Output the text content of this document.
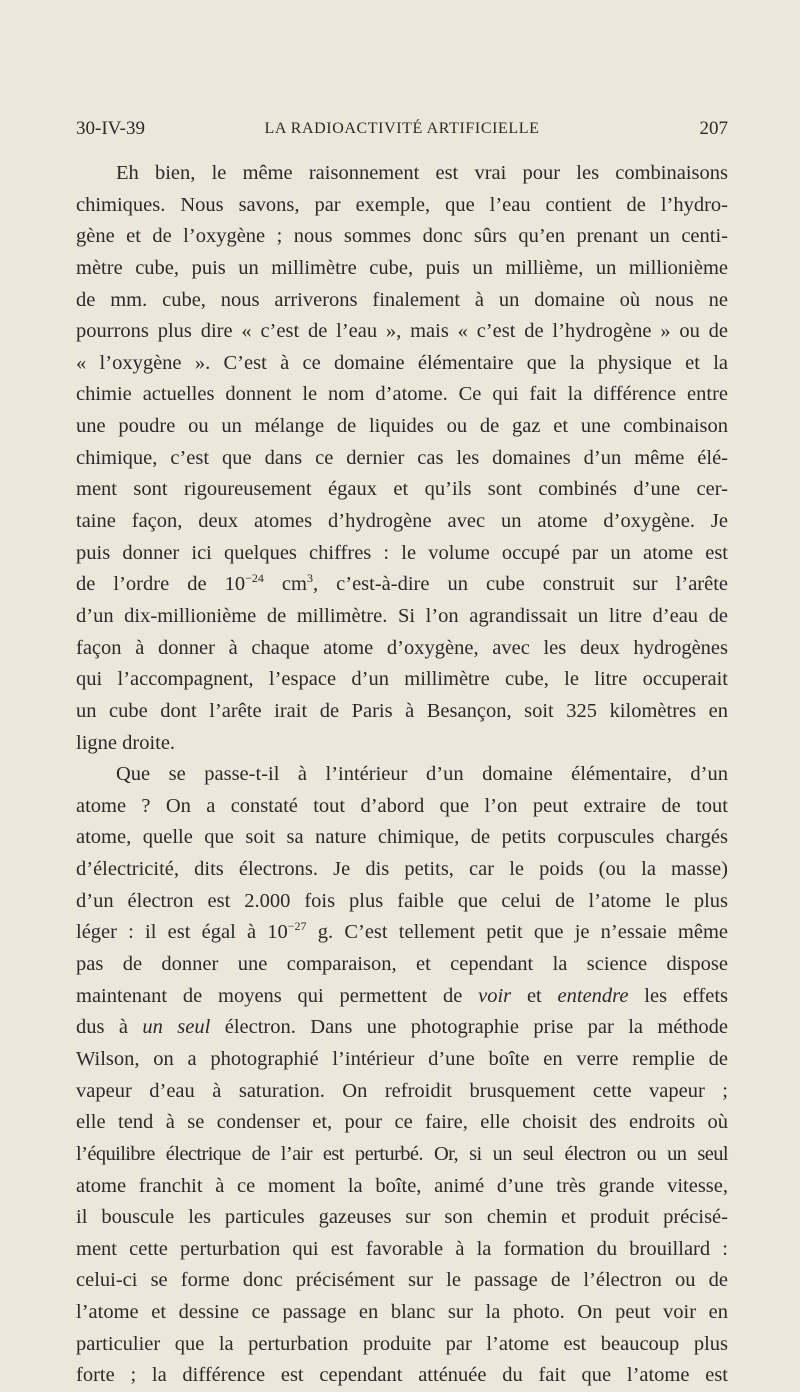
30-IV-39	LA RADIOACTIVITÉ ARTIFICIELLE	207
Eh bien, le même raisonnement est vrai pour les combinaisons
chimiques. Nous savons, par exemple, que l’eau contient de l’hydro-
gène et de l’oxygène ; nous sommes donc sûrs qu’en prenant un centi-
mètre cube, puis un millimètre cube, puis un millième, un millionième
de mm. cube, nous arriverons finalement à un domaine où nous ne
pourrons plus dire « c’est de l’eau », mais « c’est de l’hydrogène » ou de
« l’oxygène ». C’est à ce domaine élémentaire que la physique et la
chimie actuelles donnent le nom d’atome. Ce qui fait la différence entre
une poudre ou un mélange de liquides ou de gaz et une combinaison
chimique, c’est que dans ce dernier cas les domaines d’un même élé-
ment sont rigoureusement égaux et qu’ils sont combinés d’une cer-
taine façon, deux atomes d’hydrogène avec un atome d’oxygène. Je
puis donner ici quelques chiffres : le volume occupé par un atome est
de l’ordre de $10^{-24}$ $cm^3$, c’est-à-dire un cube construit sur l’arête
d’un dix-millionième de millimètre. Si l’on agrandissait un litre d’eau de
façon à donner à chaque atome d’oxygène, avec les deux hydrogènes
qui l’accompagnent, l’espace d’un millimètre cube, le litre occuperait
un cube dont l’arête irait de Paris à Besançon, soit 325 kilomètres en
ligne droite.
Que se passe-t-il à l’intérieur d’un domaine élémentaire, d’un
atome ? On a constaté tout d’abord que l’on peut extraire de tout
atome, quelle que soit sa nature chimique, de petits corpuscules chargés
d’électricité, dits électrons. Je dis petits, car le poids (ou la masse)
d’un électron est 2.000 fois plus faible que celui de l’atome le plus
léger : il est égal à $10^{-27}$ g. C’est tellement petit que je n’essaie même
pas de donner une comparaison, et cependant la science dispose
maintenant de moyens qui permettent de voir et entendre les effets
dus à un seul électron. Dans une photographie prise par la méthode
Wilson, on a photographié l’intérieur d’une boîte en verre remplie de
vapeur d’eau à saturation. On refroidit brusquement cette vapeur ;
elle tend à se condenser et, pour ce faire, elle choisit des endroits où
l’équilibre électrique de l’air est perturbé. Or, si un seul électron ou un seul
atome franchit à ce moment la boîte, animé d’une très grande vitesse,
il bouscule les particules gazeuses sur son chemin et produit précisé-
ment cette perturbation qui est favorable à la formation du brouillard :
celui-ci se forme donc précisément sur le passage de l’électron ou de
l’atome et dessine ce passage en blanc sur la photo. On peut voir en
particulier que la perturbation produite par l’atome est beaucoup plus
forte ; la différence est cependant atténuée du fait que l’atome est
